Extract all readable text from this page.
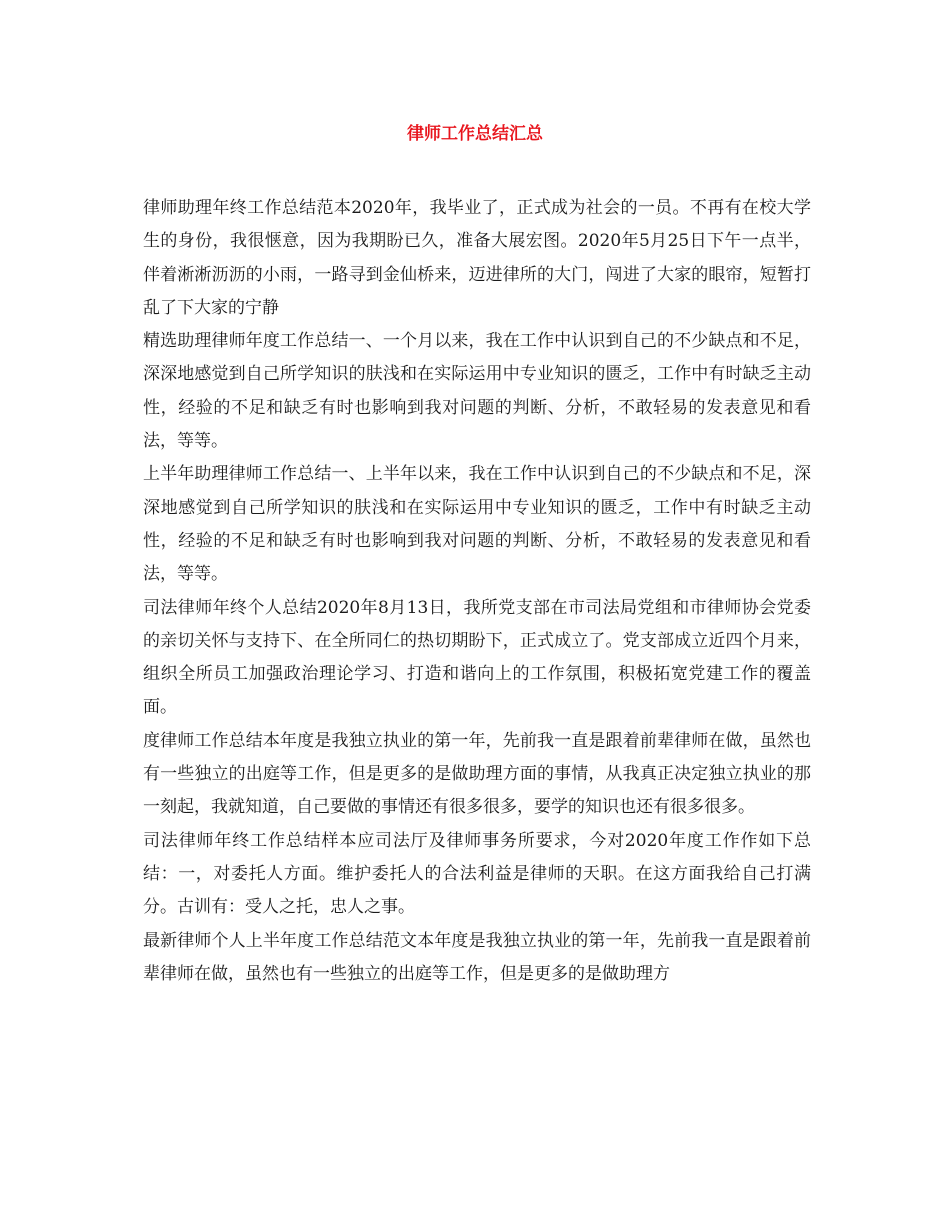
律师工作总结汇总

律师助理年终工作总结范本2020年，我毕业了，正式成为社会的一员。不再有在校大学生的身份，我很惬意，因为我期盼已久，准备大展宏图。2020年5月25日下午一点半，伴着淅淅沥沥的小雨，一路寻到金仙桥来，迈进律所的大门，闯进了大家的眼帘，短暂打乱了下大家的宁静

精选助理律师年度工作总结一、一个月以来，我在工作中认识到自己的不少缺点和不足，深深地感觉到自己所学知识的肤浅和在实际运用中专业知识的匮乏，工作中有时缺乏主动性，经验的不足和缺乏有时也影响到我对问题的判断、分析，不敢轻易的发表意见和看法，等等。

上半年助理律师工作总结一、上半年以来，我在工作中认识到自己的不少缺点和不足，深深地感觉到自己所学知识的肤浅和在实际运用中专业知识的匮乏，工作中有时缺乏主动性，经验的不足和缺乏有时也影响到我对问题的判断、分析，不敢轻易的发表意见和看法，等等。

司法律师年终个人总结2020年8月13日，我所党支部在市司法局党组和市律师协会党委的亲切关怀与支持下、在全所同仁的热切期盼下，正式成立了。党支部成立近四个月来，组织全所员工加强政治理论学习、打造和谐向上的工作氛围，积极拓宽党建工作的覆盖面。

度律师工作总结本年度是我独立执业的第一年，先前我一直是跟着前辈律师在做，虽然也有一些独立的出庭等工作，但是更多的是做助理方面的事情，从我真正决定独立执业的那一刻起，我就知道，自己要做的事情还有很多很多，要学的知识也还有很多很多。

司法律师年终工作总结样本应司法厅及律师事务所要求，今对2020年度工作作如下总结：一，对委托人方面。维护委托人的合法利益是律师的天职。在这方面我给自己打满分。古训有：受人之托，忠人之事。

最新律师个人上半年度工作总结范文本年度是我独立执业的第一年，先前我一直是跟着前辈律师在做，虽然也有一些独立的出庭等工作，但是更多的是做助理方
